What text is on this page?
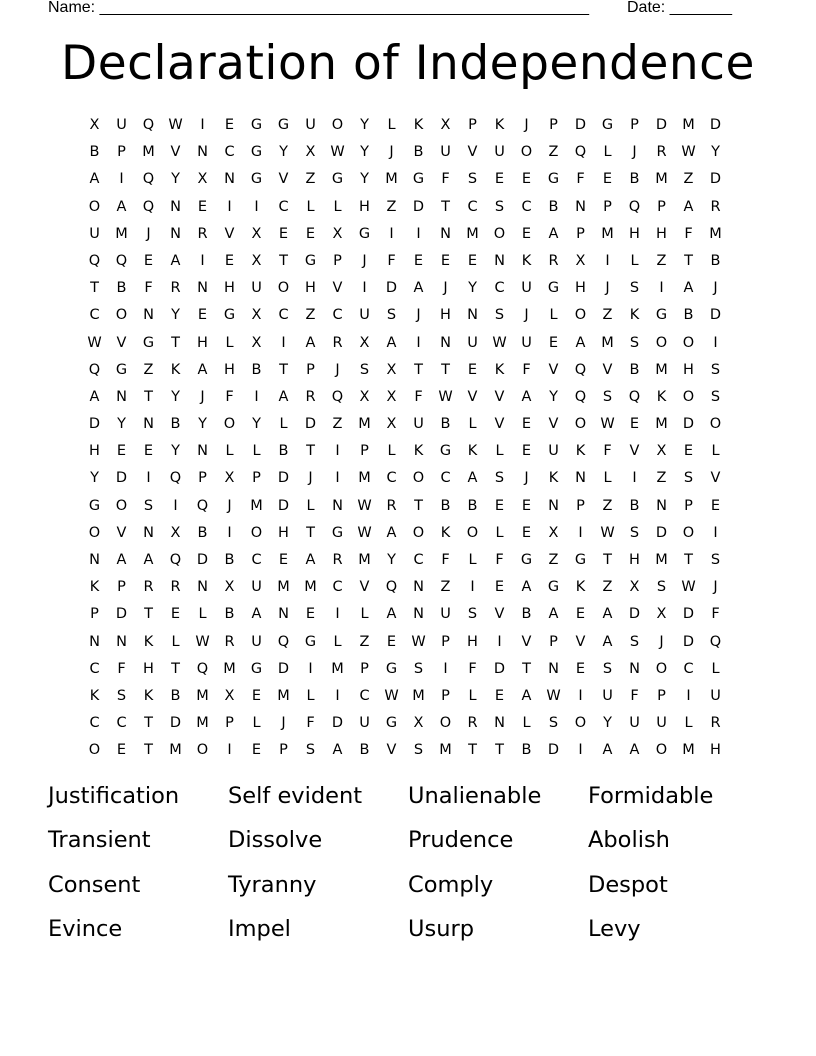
Name: _______________________________________________________ Date: _______
Declaration of Independence
X	U	Q W	I	E	G	G	U	O	Y	L	K	X	P	K	J	P	D	G	P	D	M	D
B	P	M	V	N	C	G	Y	X	W	Y	J	B	U	V	U	O	Z	Q	L	J	R	W	Y
A	I	Q	Y	X	N	G	V	Z	G	Y	M	G	F	S	E	E	G	F	E	B	M	Z	D
O	A	Q	N	E	I	I	C	L	L	H	Z	D	T	C	S	C	B	N	P	Q	P	A	R
U	M	J	N	R	V	X	E	E	X	G	I	I	N	M	O	E	A	P	M	H	H	F	M
Q	Q	E	A	I	E	X	T	G	P	J	F	E	E	E	N	K	R	X	I	L	Z	T	B
T	B	F	R	N	H	U	O	H	V	I	D	A	J	Y	C	U	G	H	J	S	I	A	J
C	O	N	Y	E	G	X	C	Z	C	U	S	J	H	N	S	J	L	O	Z	K	G	B	D
W	V	G	T	H	L	X	I	A	R	X	A	I	N	U	W	U	E	A	M	S	O	O	I
Q	G	Z	K	A	H	B	T	P	J	S	X	T	T	E	K	F	V	Q	V	B	M	H	S
A	N	T	Y	J	F	I	A	R	Q	X	X	F	W	V	V	A	Y	Q	S	Q	K	O	S
D	Y	N	B	Y	O	Y	L	D	Z	M	X	U	B	L	V	E	V	O W	E	M	D	O
H	E	E	Y	N	L	L	B	T	I	P	L	K	G	K	L	E	U	K	F	V	X	E	L
Y	D	I	Q	P	X	P	D	J	I	M	C	O	C	A	S	J	K	N	L	I	Z	S	V
G	O	S	I	Q	J	M	D	L	N W	R	T	B	B	E	E	N	P	Z	B	N	P	E
O	V	N	X	B	I	O	H	T	G W	A	O	K	O	L	E	X	I	W	S	D	O	I
N	A	A	Q	D	B	C	E	A	R	M	Y	C	F	L	F	G	Z	G	T	H	M	T	S
K	P	R	R	N	X	U	M M	C	V	Q	N	Z	I	E	A	G	K	Z	X	S	W	J
P	D	T	E	L	B	A	N	E	I	L	A	N	U	S	V	B	A	E	A	D	X	D	F
N	N	K	L	W	R	U	Q	G	L	Z	E	W	P	H	I	V	P	V	A	S	J	D	Q
C	F	H	T	Q	M	G	D	I	M	P	G	S	I	F	D	T	N	E	S	N	O	C	L
K	S	K	B	M	X	E	M	L	I	C	W M	P	L	E	A	W	I	U	F	P	I	U
C	C	T	D	M	P	L	J	F	D	U	G	X	O	R	N	L	S	O	Y	U	U	L	R
O	E	T	M	O	I	E	P	S	A	B	V	S	M	T	T	B	D	I	A	A	O	M	H
Justification	Self evident	Unalienable	Formidable
Transient	Dissolve	Prudence	Abolish
Consent	Tyranny	Comply	Despot
Evince	Impel	Usurp	Levy
